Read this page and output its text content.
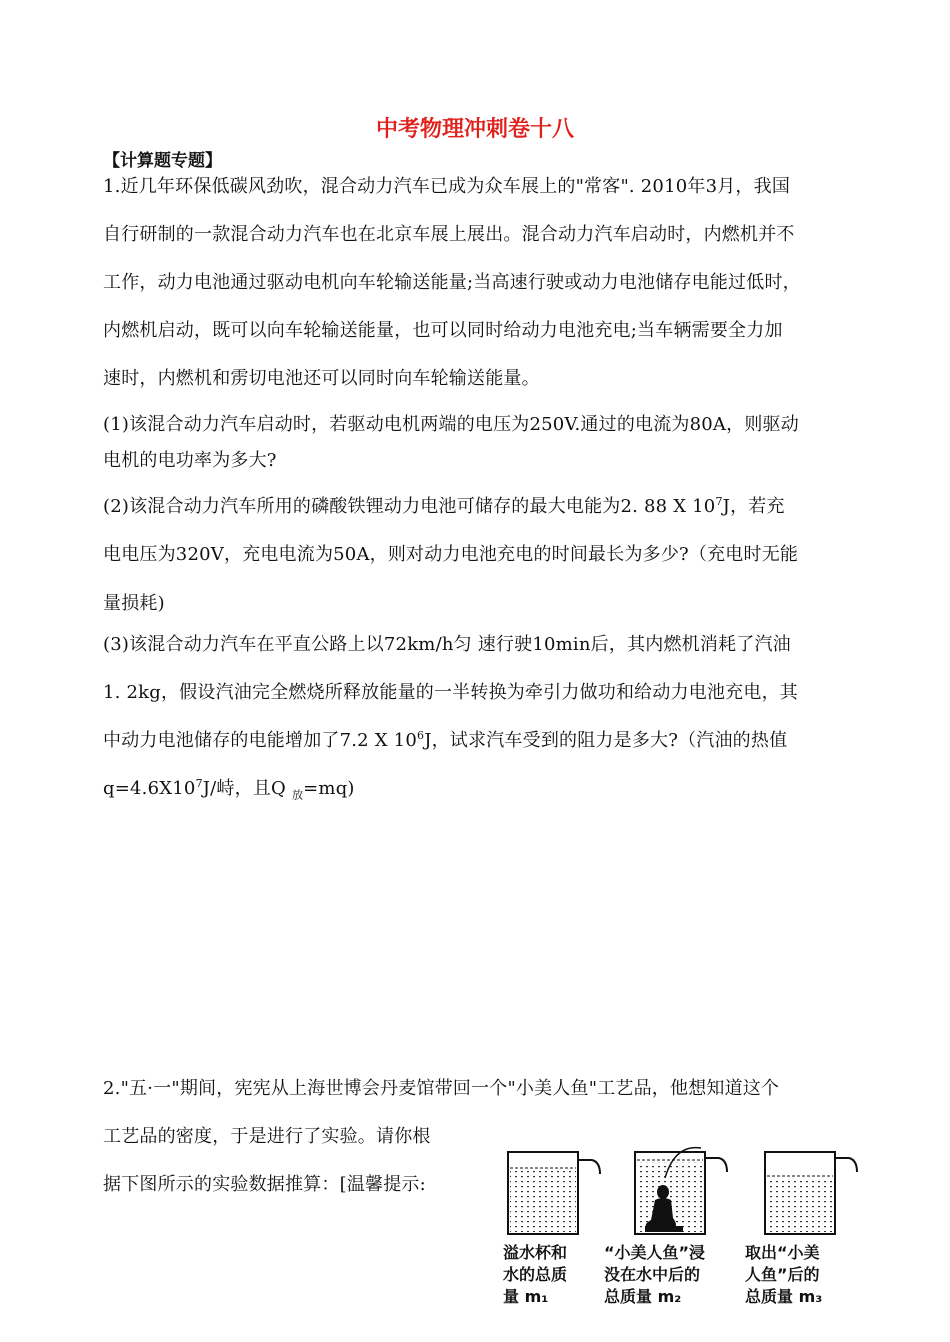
中考物理冲刺卷十八
【计算题专题】
1.近几年环保低碳风劲吹，混合动力汽车已成为众车展上的"常客". 2010年3月，我国
自行研制的一款混合动力汽车也在北京车展上展出。混合动力汽车启动时，内燃机并不
工作，动力电池通过驱动电机向车轮输送能量;当高速行驶或动力电池储存电能过低时，
内燃机启动，既可以向车轮输送能量，也可以同时给动力电池充电;当车辆需要全力加
速时，内燃机和雳切电池还可以同时向车轮输送能量。
(1)该混合动力汽车启动时，若驱动电机两端的电压为250V.通过的电流为80A，则驱动
电机的电功率为多大?
(2)该混合动力汽车所用的磷酸铁锂动力电池可储存的最大电能为2. 88 X $10^7J$，若充
电电压为320V，充电电流为50A，则对动力电池充电的时间最长为多少?（充电时无能
量损耗)
(3)该混合动力汽车在平直公路上以72km/h匀 速行驶10min后，其内燃机消耗了汽油
1. 2kg，假设汽油完全燃烧所释放能量的一半转换为牵引力做功和给动力电池充电，其
中动力电池储存的电能增加了7.2 X $10^6J$，试求汽车受到的阻力是多大?（汽油的热值
$q=4.6X10^7J/$峙，且Q $_放$=mq)
2."五·一"期间，宪宪从上海世博会丹麦馆带回一个"小美人鱼"工艺品，他想知道这个
工艺品的密度，于是进行了实验。请你根
据下图所示的实验数据推算：[温馨提示:
溢水杯和
水的总质
量 m₁
“小美人鱼”浸
没在水中后的
总质量 m₂
取出“小美
人鱼”后的
总质量 m₃
